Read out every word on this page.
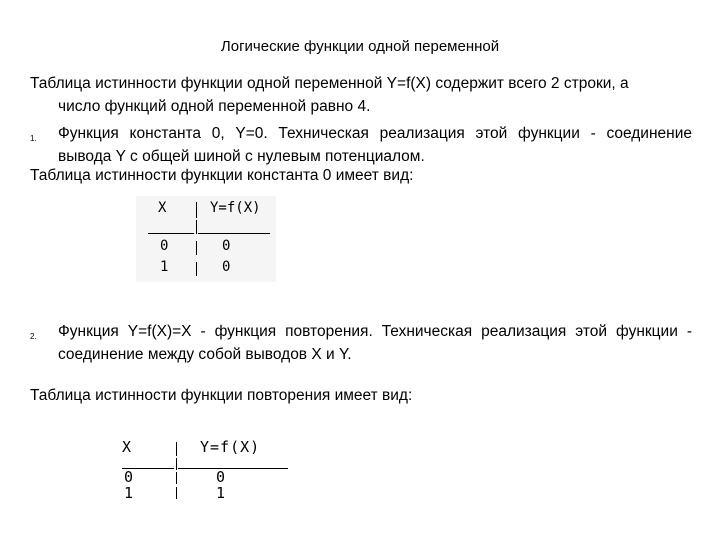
Логические функции одной переменной
Таблица истинности функции одной переменной Y=f(X) содержит всего 2 строки, а
число функций одной переменной равно 4.
1. Функция константа 0, Y=0. Техническая реализация этой функции - соединение вывода Y с общей шиной с нулевым потенциалом.
Таблица истинности функции константа 0 имеет вид:
X	Y=f(X)
0	0
1	0
2. Функция Y=f(X)=X - функция повторения. Техническая реализация этой функции - соединение между собой выводов X и Y.
Таблица истинности функции повторения имеет вид:
X	Y=f(X)
0	0
1	1
